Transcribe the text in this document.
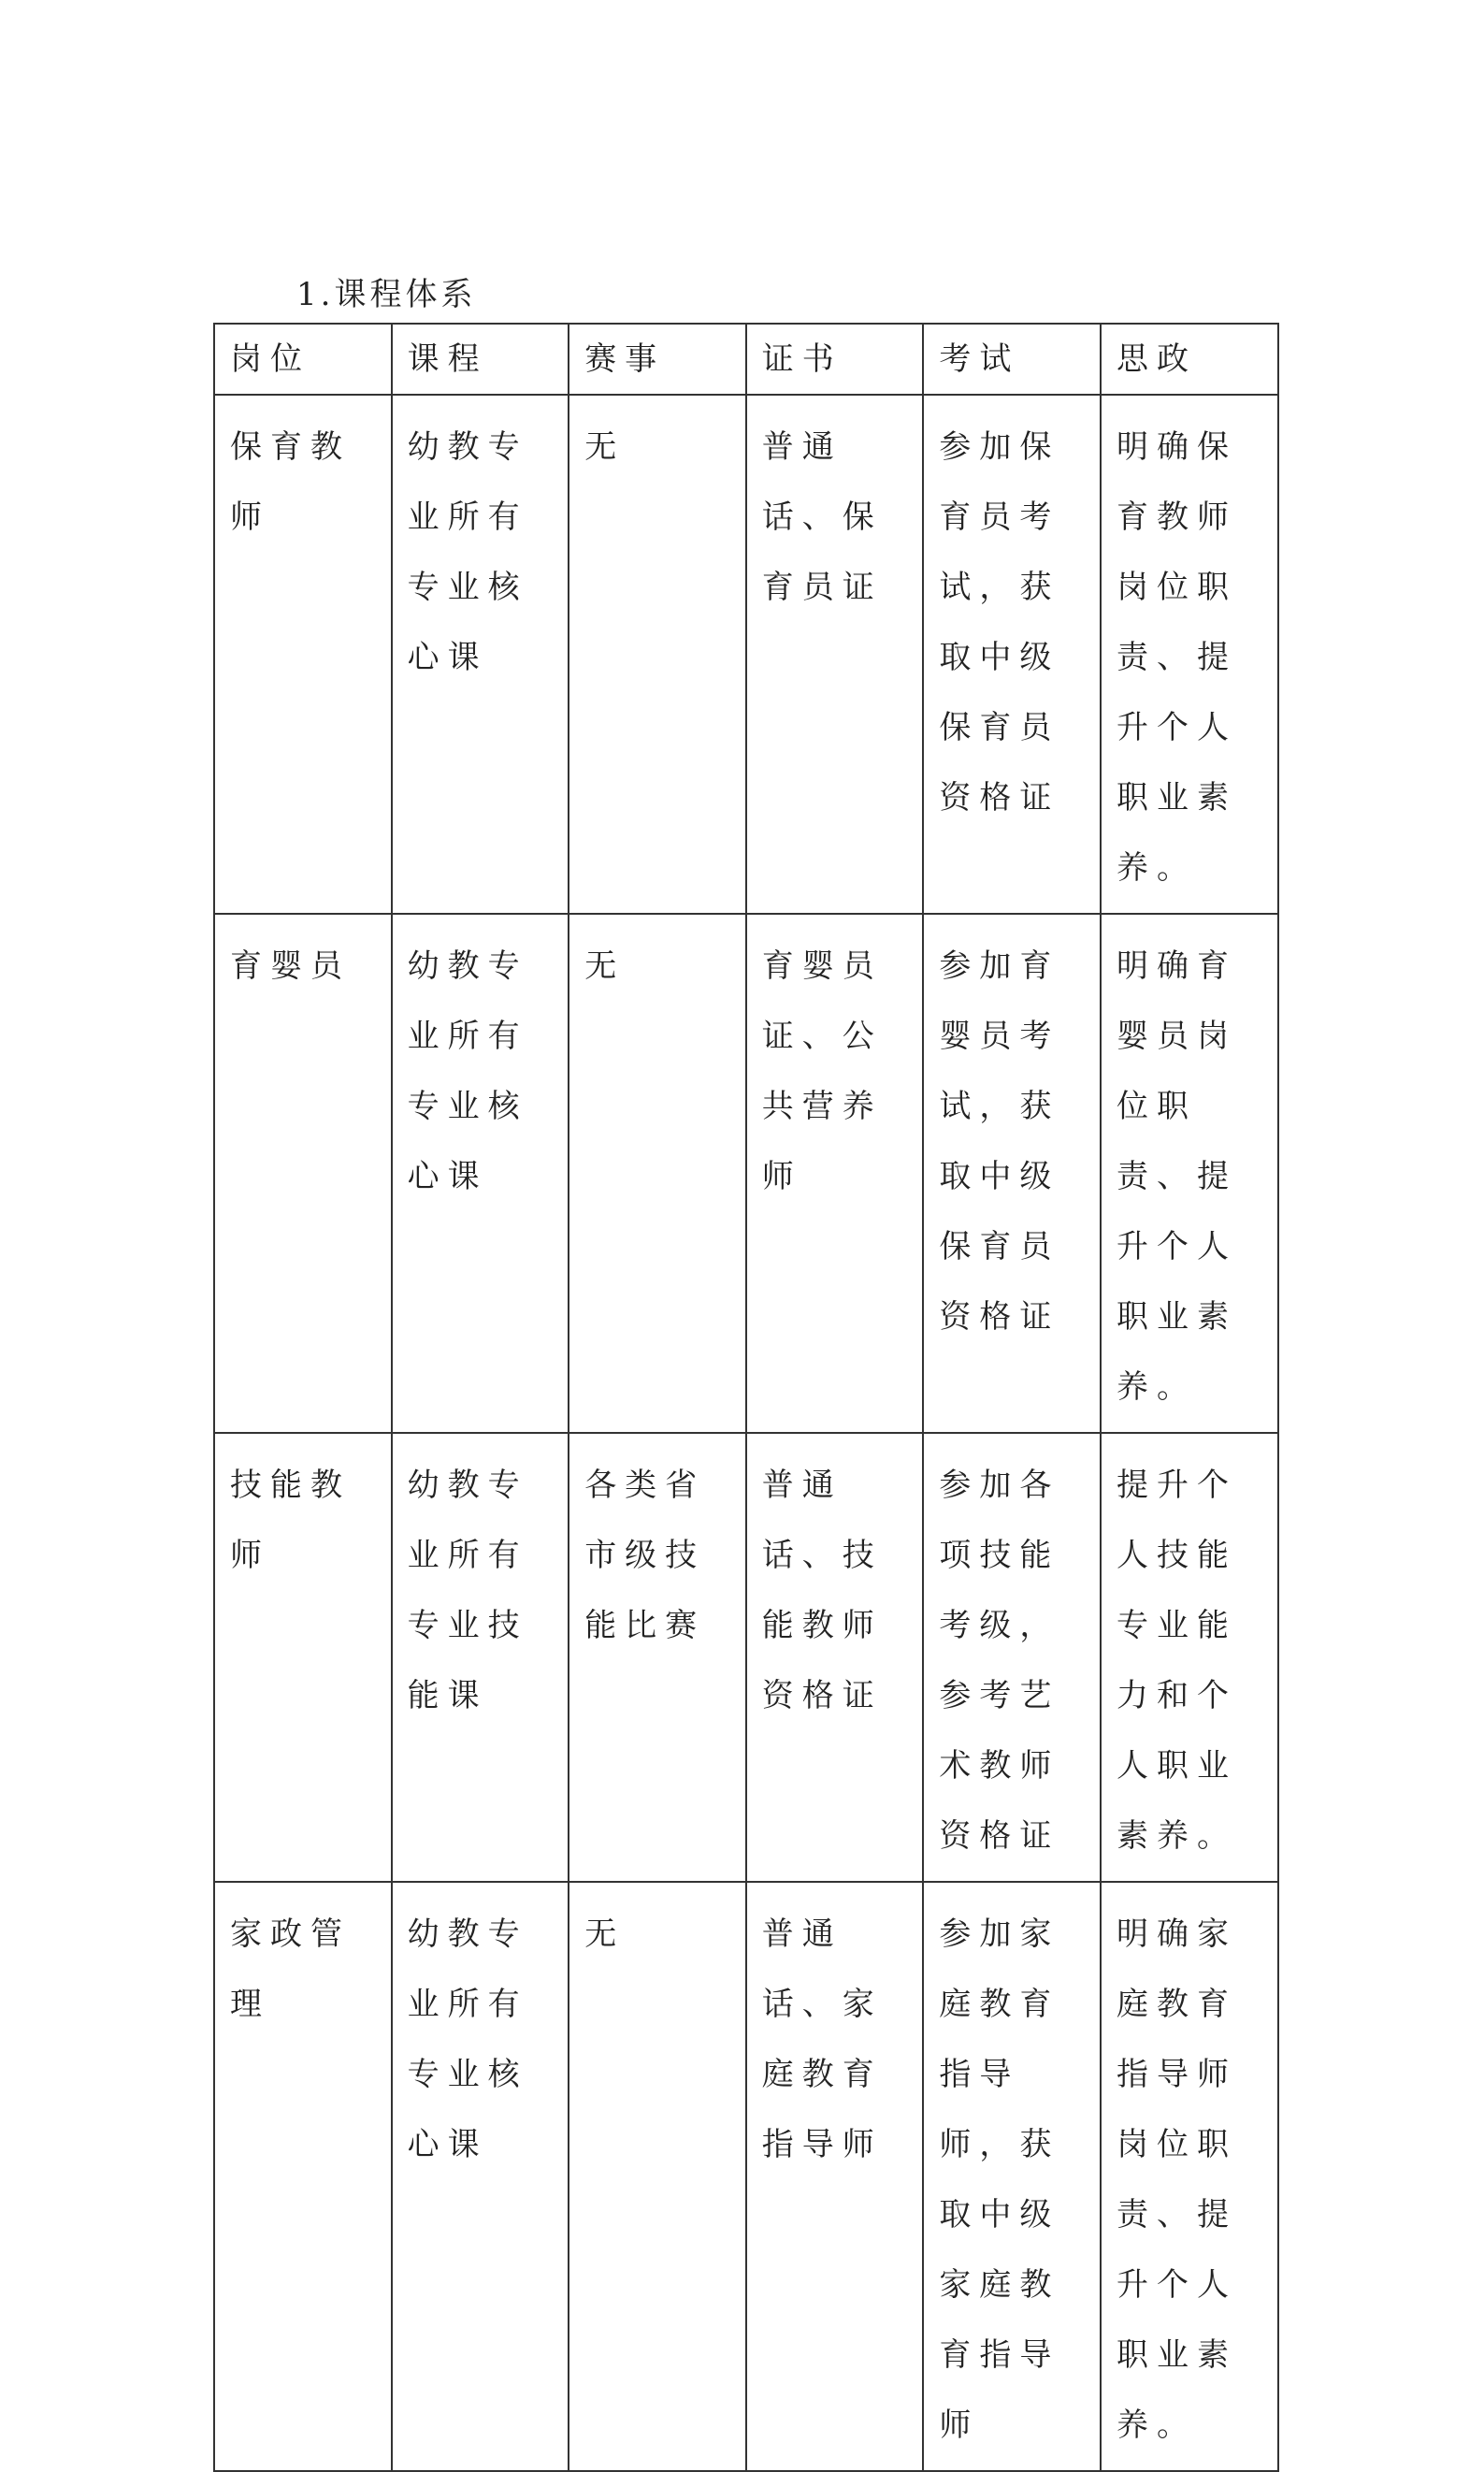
1.课程体系
岗位	课程	赛事	证书	考试	思政
保育教师	幼教专业所有专业核心课	无	普通话、保育员证	参加保育员考试，获取中级保育员资格证	明确保育教师岗位职责、提升个人职业素养。
育婴员	幼教专业所有专业核心课	无	育婴员证、公共营养师	参加育婴员考试，获取中级保育员资格证	明确育婴员岗位职责、提升个人职业素养。
技能教师	幼教专业所有专业技能课	各类省市级技能比赛	普通话、技能教师资格证	参加各项技能考级，参考艺术教师资格证	提升个人技能专业能力和个人职业素养。
家政管理	幼教专业所有专业核心课	无	普通话、家庭教育指导师	参加家庭教育指导师，获取中级家庭教育指导师	明确家庭教育指导师岗位职责、提升个人职业素养。
